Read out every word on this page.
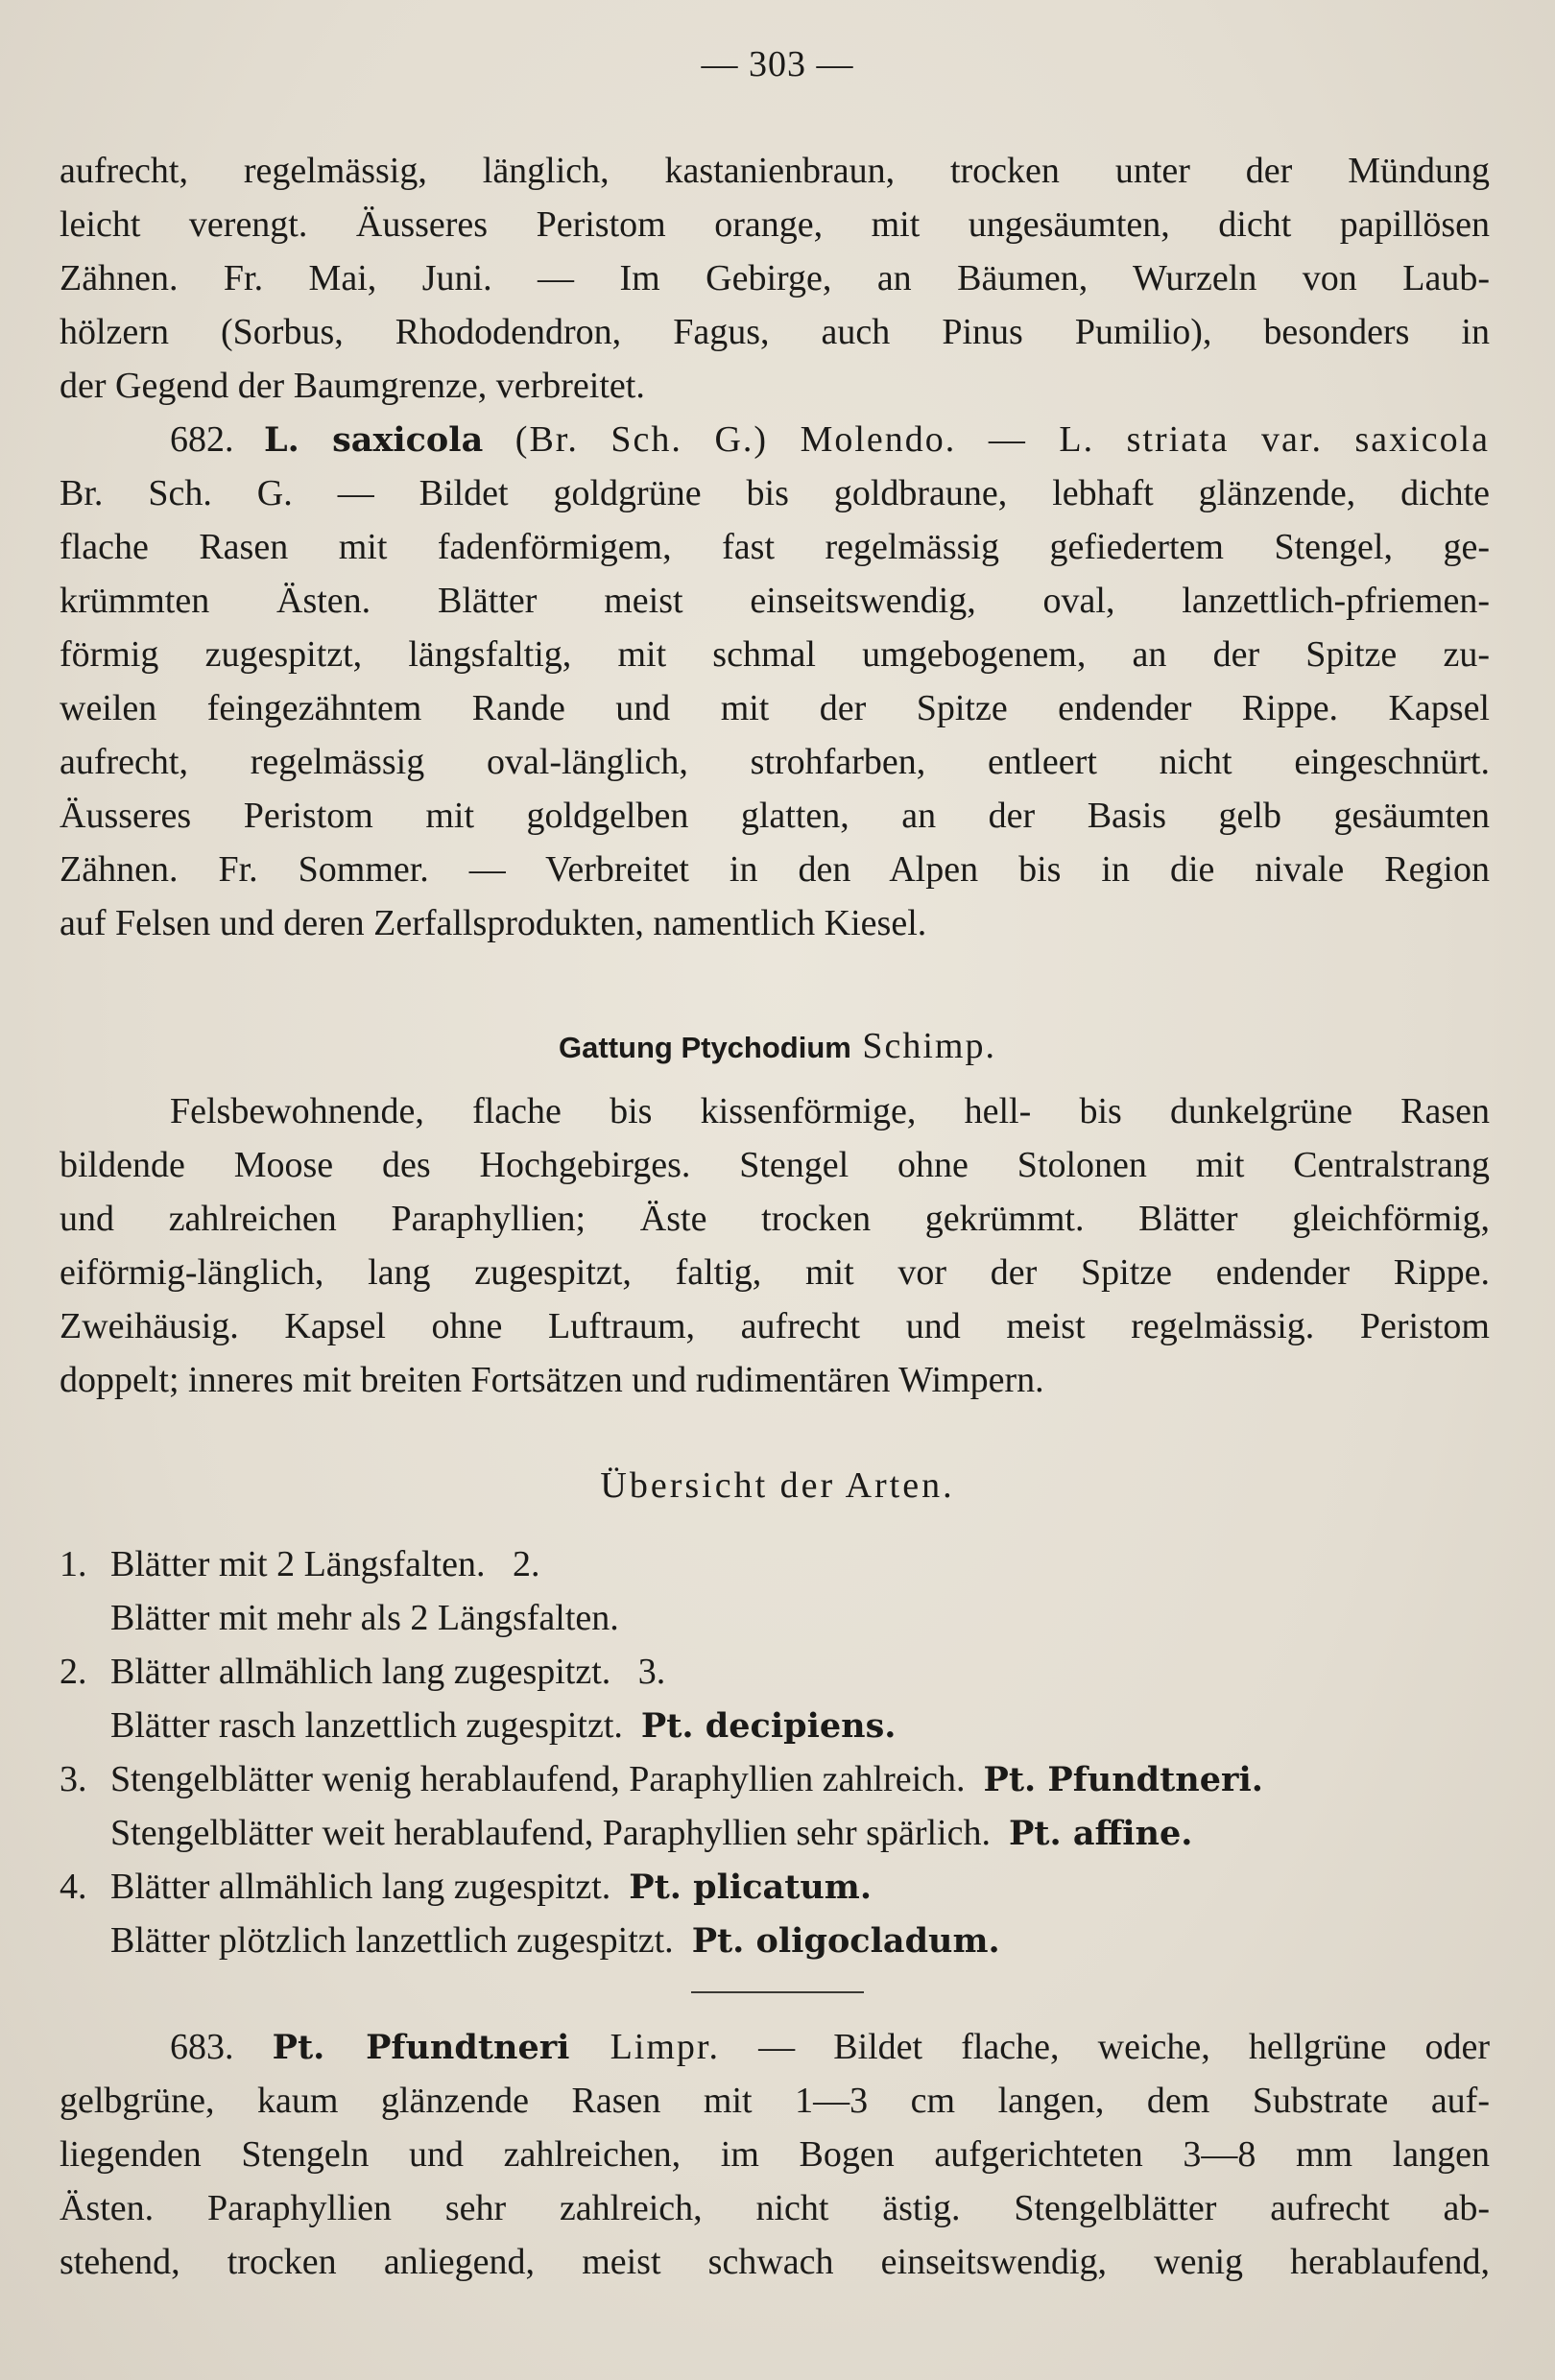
— 303 —
aufrecht, regelmässig, länglich, kastanienbraun, trocken unter der Mündung
leicht verengt. Äusseres Peristom orange, mit ungesäumten, dicht papillösen
Zähnen. Fr. Mai, Juni. — Im Gebirge, an Bäumen, Wurzeln von Laub-
hölzern (Sorbus, Rhododendron, Fagus, auch Pinus Pumilio), besonders in
der Gegend der Baumgrenze, verbreitet.
682. L. saxicola (Br. Sch. G.) Molendo. — L. striata var. saxicola
Br. Sch. G. — Bildet goldgrüne bis goldbraune, lebhaft glänzende, dichte
flache Rasen mit fadenförmigem, fast regelmässig gefiedertem Stengel, ge-
krümmten Ästen. Blätter meist einseitswendig, oval, lanzettlich-pfriemen-
förmig zugespitzt, längsfaltig, mit schmal umgebogenem, an der Spitze zu-
weilen feingezähntem Rande und mit der Spitze endender Rippe. Kapsel
aufrecht, regelmässig oval-länglich, strohfarben, entleert nicht eingeschnürt.
Äusseres Peristom mit goldgelben glatten, an der Basis gelb gesäumten
Zähnen. Fr. Sommer. — Verbreitet in den Alpen bis in die nivale Region
auf Felsen und deren Zerfallsprodukten, namentlich Kiesel.
Gattung Ptychodium Schimp.
Felsbewohnende, flache bis kissenförmige, hell- bis dunkelgrüne Rasen
bildende Moose des Hochgebirges. Stengel ohne Stolonen mit Centralstrang
und zahlreichen Paraphyllien; Äste trocken gekrümmt. Blätter gleichförmig,
eiförmig-länglich, lang zugespitzt, faltig, mit vor der Spitze endender Rippe.
Zweihäusig. Kapsel ohne Luftraum, aufrecht und meist regelmässig. Peristom
doppelt; inneres mit breiten Fortsätzen und rudimentären Wimpern.
Übersicht der Arten.
1. Blätter mit 2 Längsfalten.   2.
Blätter mit mehr als 2 Längsfalten.
2. Blätter allmählich lang zugespitzt.   3.
Blätter rasch lanzettlich zugespitzt.  Pt. decipiens.
3. Stengelblätter wenig herablaufend, Paraphyllien zahlreich.  Pt. Pfundtneri.
Stengelblätter weit herablaufend, Paraphyllien sehr spärlich.  Pt. affine.
4. Blätter allmählich lang zugespitzt.  Pt. plicatum.
Blätter plötzlich lanzettlich zugespitzt.  Pt. oligocladum.
683. Pt. Pfundtneri Limpr. — Bildet flache, weiche, hellgrüne oder
gelbgrüne, kaum glänzende Rasen mit 1—3 cm langen, dem Substrate auf-
liegenden Stengeln und zahlreichen, im Bogen aufgerichteten 3—8 mm langen
Ästen. Paraphyllien sehr zahlreich, nicht ästig. Stengelblätter aufrecht ab-
stehend, trocken anliegend, meist schwach einseitswendig, wenig herablaufend,
